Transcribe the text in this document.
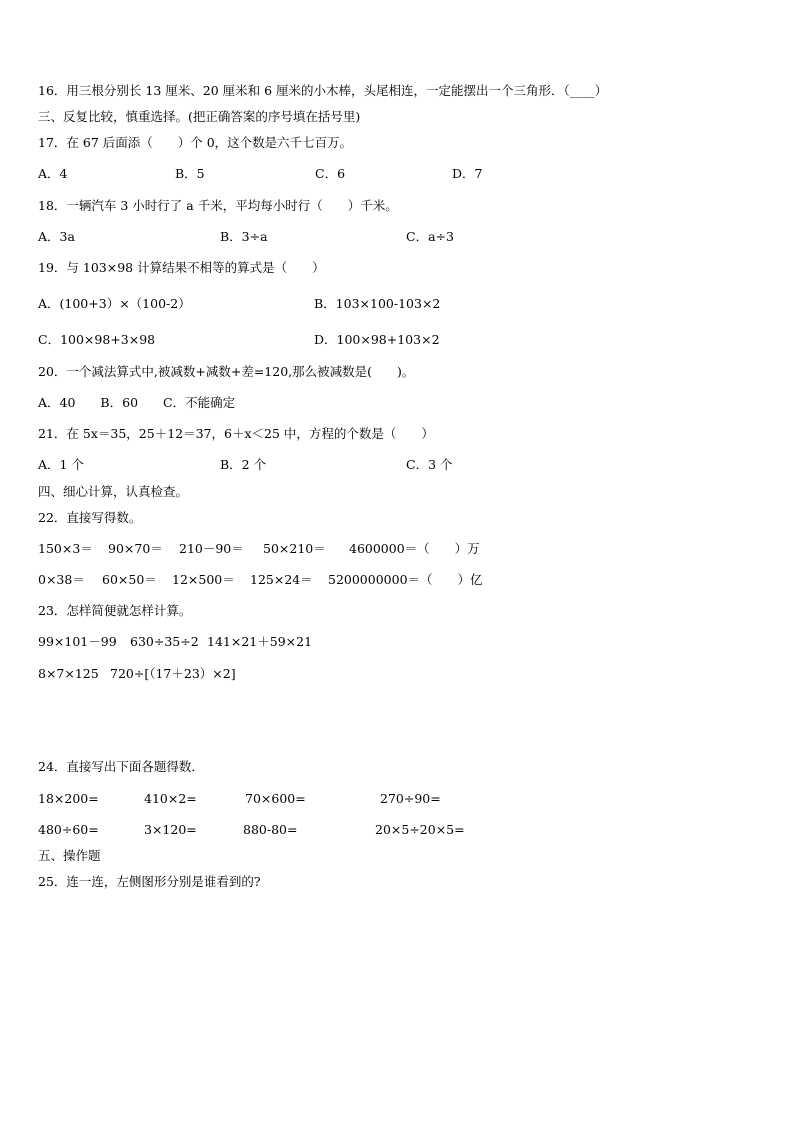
16．用三根分别长 13 厘米、20 厘米和 6 厘米的小木棒，头尾相连，一定能摆出一个三角形．（____）
三、反复比较，慎重选择。(把正确答案的序号填在括号里)
17．在 67 后面添（　　）个 0，这个数是六千七百万。
A．4	B．5	C．6	D．7
18．一辆汽车 3 小时行了 a 千米，平均每小时行（　　）千米。
A．3a	B．3÷a	C．a÷3
19．与 103×98 计算结果不相等的算式是（　　）
A．(100+3）×（100-2）	B．103×100-103×2
C．100×98+3×98	D．100×98+103×2
20．一个减法算式中,被减数+减数+差=120,那么被减数是(　　)。
A．40　　B．60　　C．不能确定
21．在 5x＝35，25＋12＝37，6＋x＜25 中，方程的个数是（　　）
A．1 个	B．2 个	C．3 个
四、细心计算，认真检查。
22．直接写得数。
150×3＝ 90×70＝ 210－90＝ 50×210＝ 4600000＝（　　）万
0×38＝ 60×50＝ 12×500＝ 125×24＝ 5200000000＝（　　）亿
23．怎样简便就怎样计算。
99×101－99 630÷35÷2 141×21＋59×21
8×7×125 720÷[（17＋23）×2]
24．直接写出下面各题得数．
18×200=	410×2=	70×600=	270÷90=
480÷60=	3×120=	880-80=	20×5÷20×5=
五、操作题
25．连一连，左侧图形分别是谁看到的?
